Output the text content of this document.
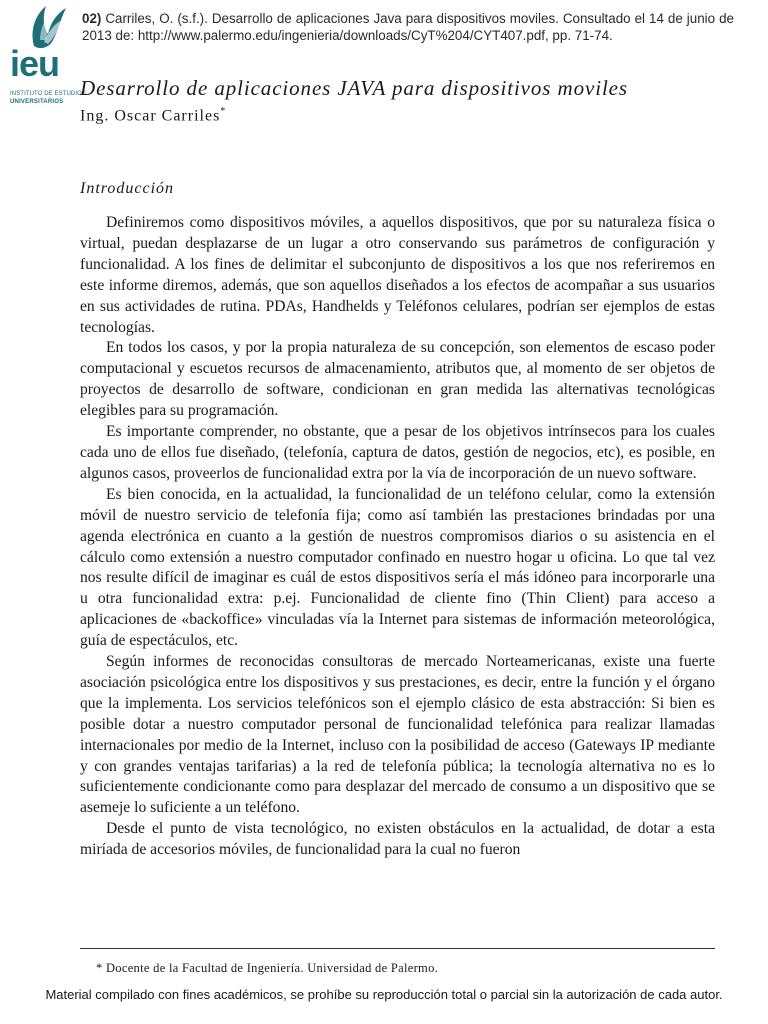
ieu
INSTITUTO DE ESTUDIOS
UNIVERSITARIOS
02) Carriles, O. (s.f.). Desarrollo de aplicaciones Java para dispositivos moviles. Consultado el 14 de junio de 2013 de: http://www.palermo.edu/ingenieria/downloads/CyT%204/CYT407.pdf, pp. 71-74.
Desarrollo de aplicaciones JAVA para dispositivos moviles
Ing. Oscar Carriles*
Introducción

Definiremos como dispositivos móviles, a aquellos dispositivos, que por su naturaleza física o virtual, puedan desplazarse de un lugar a otro conservando sus parámetros de configuración y funcionalidad. A los fines de delimitar el subconjunto de dispositivos a los que nos referiremos en este informe diremos, además, que son aquellos diseñados a los efectos de acompañar a sus usuarios en sus actividades de rutina. PDAs, Handhelds y Teléfonos celulares, podrían ser ejemplos de estas tecnologías.

En todos los casos, y por la propia naturaleza de su concepción, son elementos de escaso poder computacional y escuetos recursos de almacenamiento, atributos que, al momento de ser objetos de proyectos de desarrollo de software, condicionan en gran medida las alternativas tecnológicas elegibles para su programación.

Es importante comprender, no obstante, que a pesar de los objetivos intrínsecos para los cuales cada uno de ellos fue diseñado, (telefonía, captura de datos, gestión de negocios, etc), es posible, en algunos casos, proveerlos de funcionalidad extra por la vía de incorporación de un nuevo software.

Es bien conocida, en la actualidad, la funcionalidad de un teléfono celular, como la extensión móvil de nuestro servicio de telefonía fija; como así también las prestaciones brindadas por una agenda electrónica en cuanto a la gestión de nuestros compromisos diarios o su asistencia en el cálculo como extensión a nuestro computador confinado en nuestro hogar u oficina. Lo que tal vez nos resulte difícil de imaginar es cuál de estos dispositivos sería el más idóneo para incorporarle una u otra funcionalidad extra: p.ej. Funcionalidad de cliente fino (Thin Client) para acceso a aplicaciones de «backoffice» vinculadas vía la Internet para sistemas de información meteorológica, guía de espectáculos, etc.

Según informes de reconocidas consultoras de mercado Norteamericanas, existe una fuerte asociación psicológica entre los dispositivos y sus prestaciones, es decir, entre la función y el órgano que la implementa. Los servicios telefónicos son el ejemplo clásico de esta abstracción: Si bien es posible dotar a nuestro computador personal de funcionalidad telefónica para realizar llamadas internacionales por medio de la Internet, incluso con la posibilidad de acceso (Gateways IP mediante y con grandes ventajas tarifarias) a la red de telefonía pública; la tecnología alternativa no es lo suficientemente condicionante como para desplazar del mercado de consumo a un dispositivo que se asemeje lo suficiente a un teléfono.

Desde el punto de vista tecnológico, no existen obstáculos en la actualidad, de dotar a esta miríada de accesorios móviles, de funcionalidad para la cual no fueron

* Docente de la Facultad de Ingeniería. Universidad de Palermo.
Material compilado con fines académicos, se prohíbe su reproducción total o parcial sin la autorización de cada autor.
